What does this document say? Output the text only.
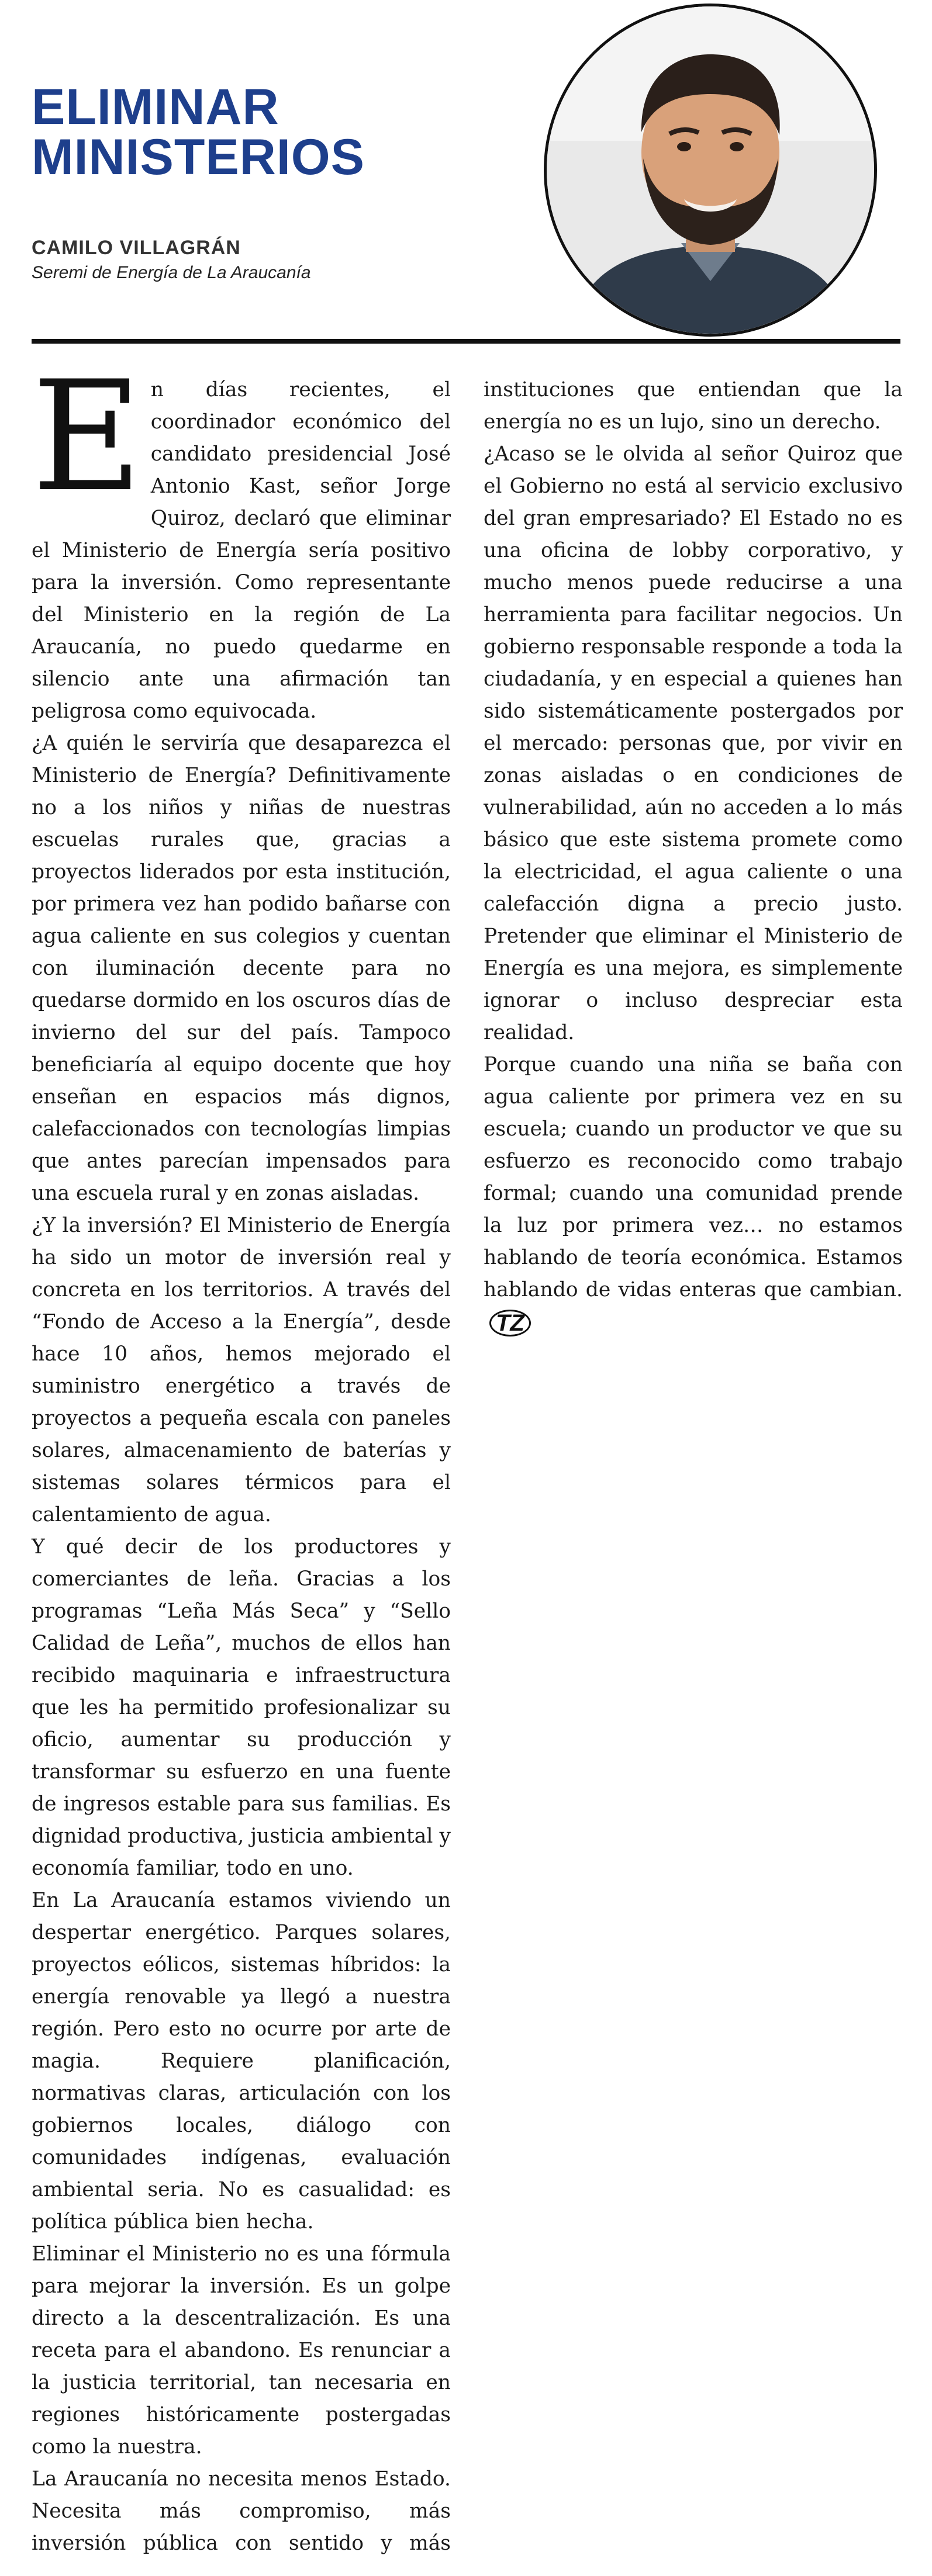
ELIMINAR
MINISTERIOS
CAMILO VILLAGRÁN
Seremi de Energía de La Araucanía

En días recientes, el coordinador económico del candidato presidencial José Antonio Kast, señor Jorge Quiroz, declaró que eliminar el Ministerio de Energía sería positivo para la inversión. Como representante del Ministerio en la región de La Araucanía, no puedo quedarme en silencio ante una afirmación tan peligrosa como equivocada.

¿A quién le serviría que desaparezca el Ministerio de Energía? Definitivamente no a los niños y niñas de nuestras escuelas rurales que, gracias a proyectos liderados por esta institución, por primera vez han podido bañarse con agua caliente en sus colegios y cuentan con iluminación decente para no quedarse dormido en los oscuros días de invierno del sur del país. Tampoco beneficiaría al equipo docente que hoy enseñan en espacios más dignos, calefaccionados con tecnologías limpias que antes parecían impensados para una escuela rural y en zonas aisladas.

¿Y la inversión? El Ministerio de Energía ha sido un motor de inversión real y concreta en los territorios. A través del “Fondo de Acceso a la Energía”, desde hace 10 años, hemos mejorado el suministro energético a través de proyectos a pequeña escala con paneles solares, almacenamiento de baterías y sistemas solares térmicos para el calentamiento de agua.

Y qué decir de los productores y comerciantes de leña. Gracias a los programas “Leña Más Seca” y “Sello Calidad de Leña”, muchos de ellos han recibido maquinaria e infraestructura que les ha permitido profesionalizar su oficio, aumentar su producción y transformar su esfuerzo en una fuente de ingresos estable para sus familias. Es dignidad productiva, justicia ambiental y economía familiar, todo en uno.

En La Araucanía estamos viviendo un despertar energético. Parques solares, proyectos eólicos, sistemas híbridos: la energía renovable ya llegó a nuestra región. Pero esto no ocurre por arte de magia. Requiere planificación, normativas claras, articulación con los gobiernos locales, diálogo con comunidades indígenas, evaluación ambiental seria. No es casualidad: es política pública bien hecha.

Eliminar el Ministerio no es una fórmula para mejorar la inversión. Es un golpe directo a la descentralización. Es una receta para el abandono. Es renunciar a la justicia territorial, tan necesaria en regiones históricamente postergadas como la nuestra.

La Araucanía no necesita menos Estado. Necesita más compromiso, más inversión pública con sentido y más instituciones que entiendan que la energía no es un lujo, sino un derecho.

¿Acaso se le olvida al señor Quiroz que el Gobierno no está al servicio exclusivo del gran empresariado? El Estado no es una oficina de lobby corporativo, y mucho menos puede reducirse a una herramienta para facilitar negocios. Un gobierno responsable responde a toda la ciudadanía, y en especial a quienes han sido sistemáticamente postergados por el mercado: personas que, por vivir en zonas aisladas o en condiciones de vulnerabilidad, aún no acceden a lo más básico que este sistema promete como la electricidad, el agua caliente o una calefacción digna a precio justo. Pretender que eliminar el Ministerio de Energía es una mejora, es simplemente ignorar o incluso despreciar esta realidad.

Porque cuando una niña se baña con agua caliente por primera vez en su escuela; cuando un productor ve que su esfuerzo es reconocido como trabajo formal; cuando una comunidad prende la luz por primera vez… no estamos hablando de teoría económica. Estamos hablando de vidas enteras que cambian.TZ
